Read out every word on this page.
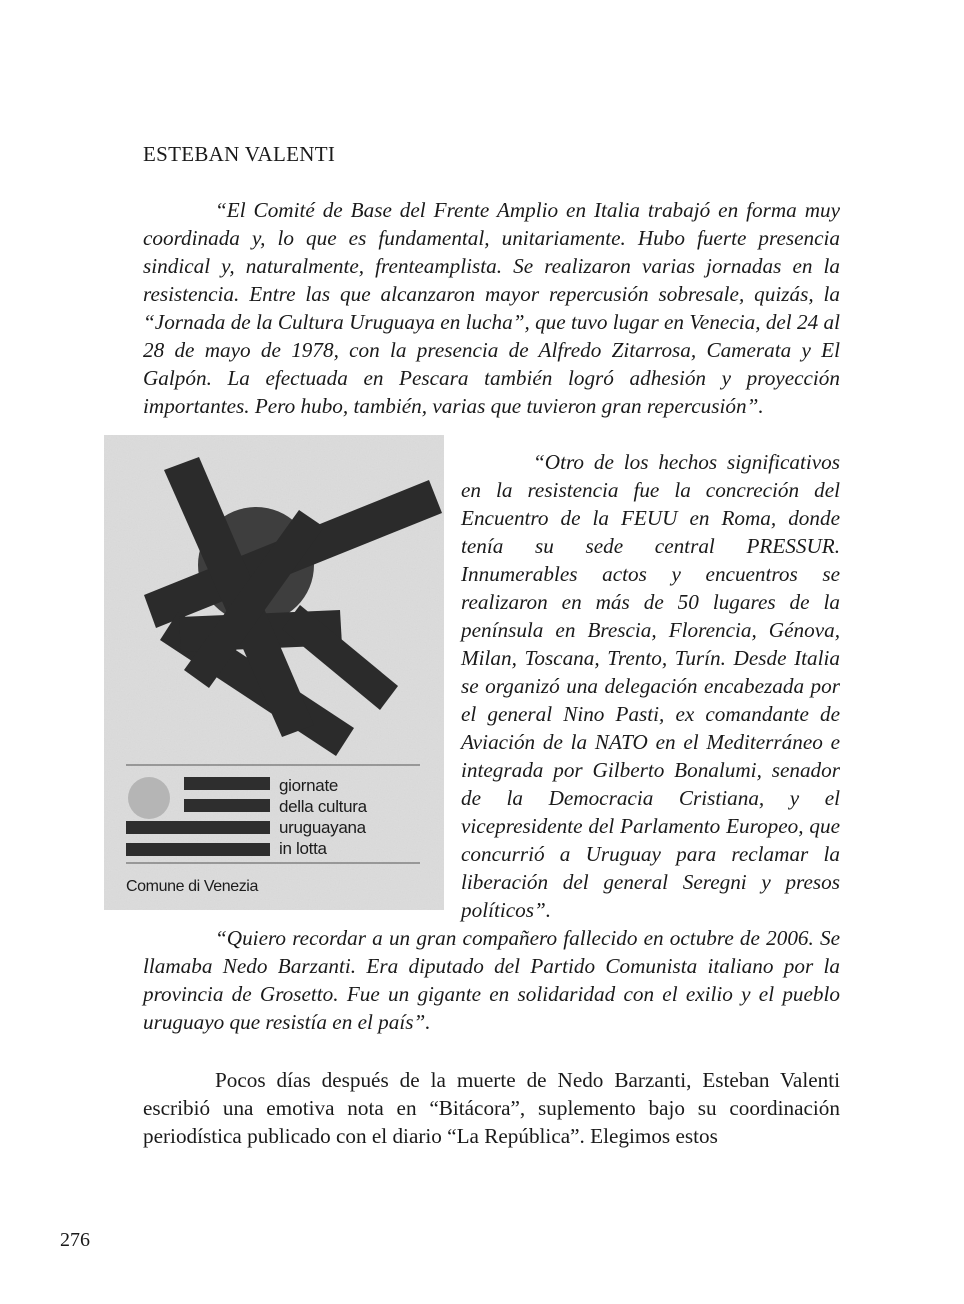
ESTEBAN VALENTI

“El Comité de Base del Frente Amplio en Italia trabajó en forma muy coordinada y, lo que es fundamental, unitariamente. Hubo fuerte presencia sindical y, naturalmente, frenteamplista. Se realizaron varias jornadas en la resistencia. Entre las que alcanzaron mayor repercusión sobresale, quizás, la “Jornada de la Cultura Uruguaya en lucha”, que tuvo lugar en Venecia, del 24 al 28 de mayo de 1978, con la presencia de Alfredo Zitarrosa, Camerata y El Galpón. La efectuada en Pescara también logró adhesión y proyección importantes. Pero hubo, también, varias que tuvieron gran repercusión”.

giornate
della cultura
uruguayana
in lotta
Comune di Venezia

“Otro de los hechos significativos en la resistencia fue la concreción del Encuentro de la FEUU en Roma, donde tenía su sede central PRESSUR. Innumerables actos y encuentros se realizaron en más de 50 lugares de la península en Brescia, Florencia, Génova, Milan, Toscana, Trento, Turín. Desde Italia se organizó una delegación encabezada por el general Nino Pasti, ex comandante de Aviación de la NATO en el Mediterráneo e integrada por Gilberto Bonalumi, senador de la Democracia Cristiana, y el vicepresidente del Parlamento Europeo, que concurrió a Uruguay para reclamar la liberación del general Seregni y presos políticos”.

“Quiero recordar a un gran compañero fallecido en octubre de 2006. Se llamaba Nedo Barzanti. Era diputado del Partido Comunista italiano por la provincia de Grosetto. Fue un gigante en solidaridad con el exilio y el pueblo uruguayo que resistía en el país”.

Pocos días después de la muerte de Nedo Barzanti, Esteban Valenti escribió una emotiva nota en “Bitácora”, suplemento bajo su coordinación periodística publicado con el diario “La República”. Elegimos estos

276
